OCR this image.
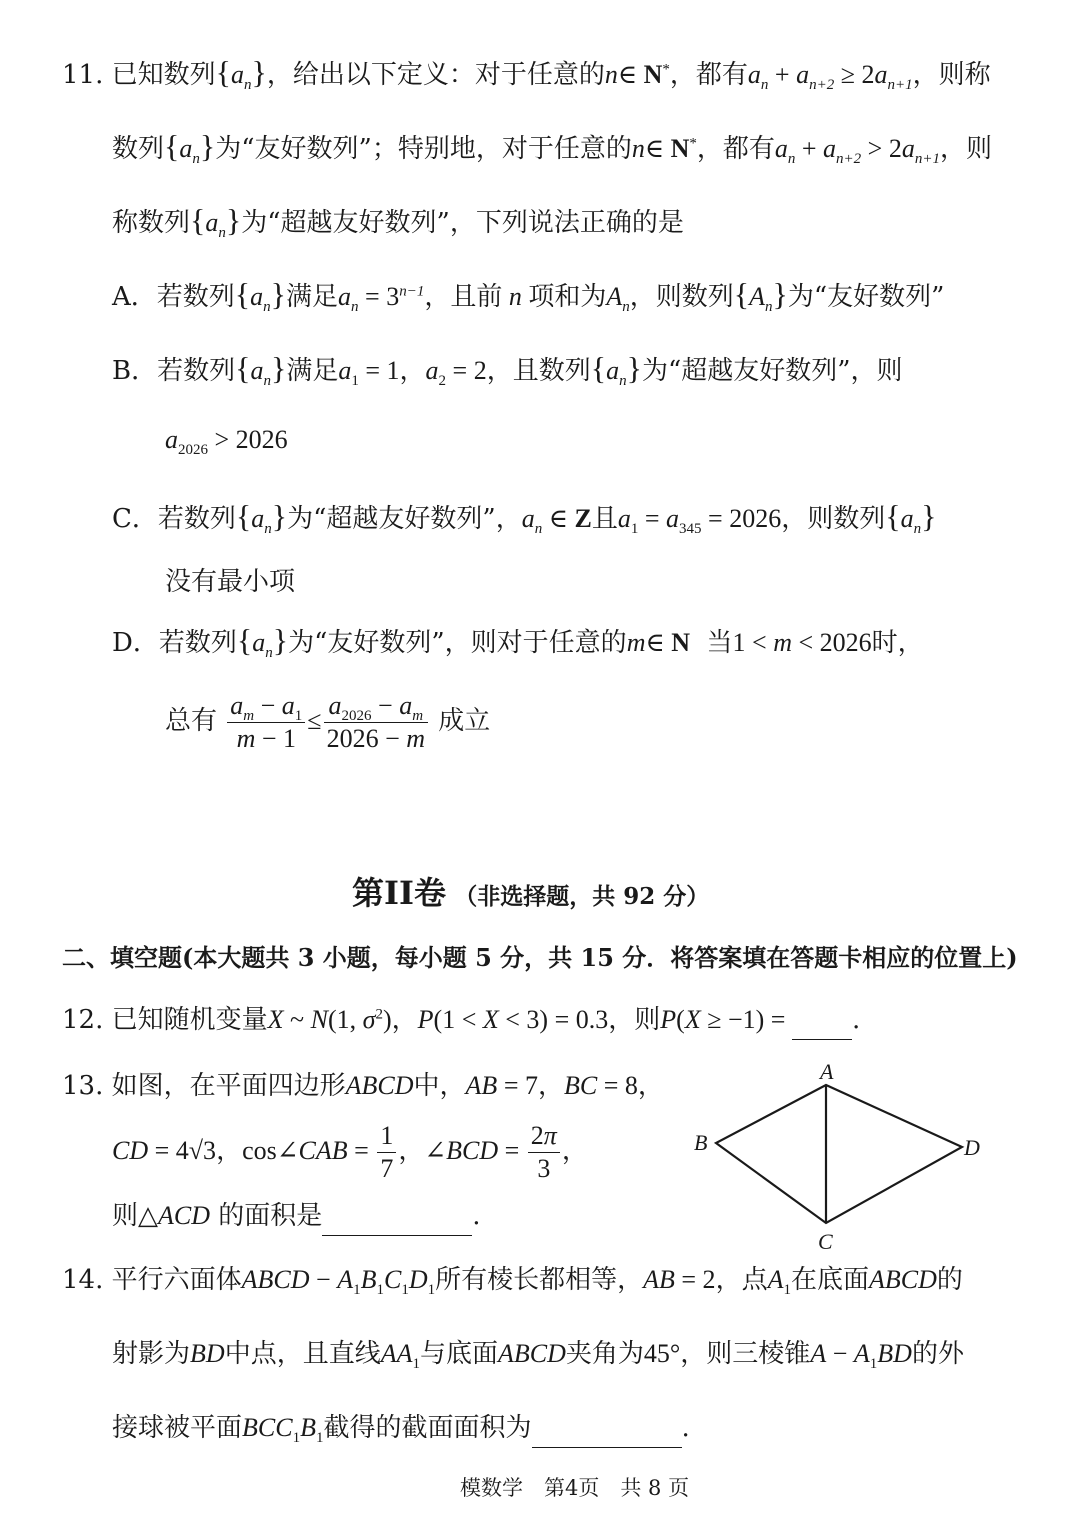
11. 已知数列$\{a_n\}$，给出以下定义：对于任意的n∈ N*，都有$a_n + a_{n+2} \ge 2a_{n+1}$，则称
数列$\{a_n\}$为“友好数列”；特别地，对于任意的n∈ N*，都有$a_n + a_{n+2} > 2a_{n+1}$，则
称数列$\{a_n\}$为“超越友好数列”，下列说法正确的是
A．若数列$\{a_n\}$满足$a_n = 3^{n-1}$，且前 n 项和为$A_n$，则数列$\{A_n\}$为“友好数列”
B．若数列$\{a_n\}$满足$a_1 = 1$，$a_2 = 2$，且数列$\{a_n\}$为“超越友好数列”，则
$a_{2026} > 2026$
C．若数列$\{a_n\}$为“超越友好数列”，$a_n$ ∈ Z且$a_1 = a_{345} = 2026$，则数列$\{a_n\}$
没有最小项
D．若数列$\{a_n\}$为“友好数列”，则对于任意的m∈ N 当1 < m < 2026时，
总有 $\frac{a_m - a_1}{m - 1} \le \frac{a_{2026} - a_m}{2026 - m}$ 成立
第II卷 （非选择题，共 92 分）
二、填空题(本大题共 3 小题，每小题 5 分，共 15 分．将答案填在答题卡相应的位置上)
12. 已知随机变量X ~ N(1, $\sigma^2$)，P(1 < X < 3) = 0.3，则P(X ≥ −1) = .
13. 如图，在平面四边形ABCD中，AB = 7，BC = 8，
CD = 4√3，cos∠CAB = $\frac{1}{7}$ ，∠BCD = $\frac{2\pi}{3}$ ，
则△ACD 的面积是	.
A
B
C
D
14. 平行六面体ABCD − $A_1B_1C_1D_1$所有棱长都相等，AB = 2，点$A_1$在底面ABCD的
射影为BD中点，且直线$AA_1$与底面ABCD夹角为45°，则三棱锥$A - A_1BD$的外
接球被平面$BCC_1B_1$截得的截面面积为	.
模数学　第4页　共 8 页
